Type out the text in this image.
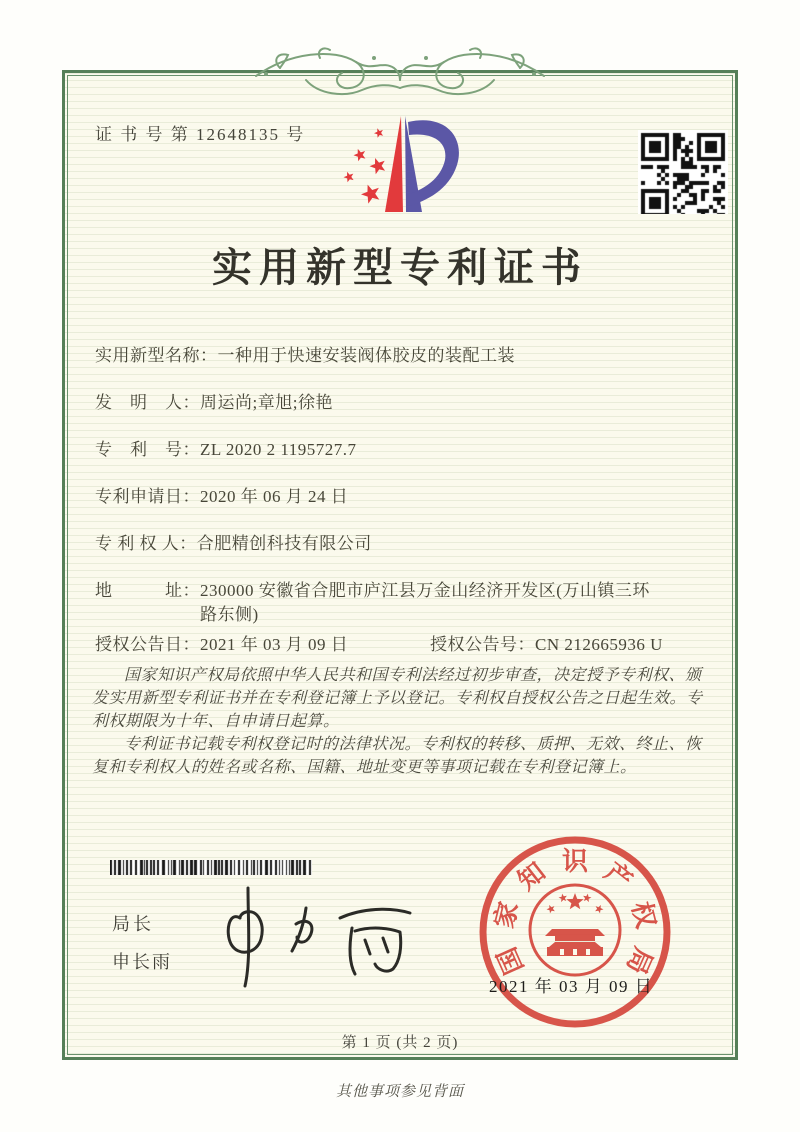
证 书 号 第 12648135 号
实用新型专利证书
实用新型名称： 一种用于快速安装阀体胶皮的装配工装
发　明　人： 周运尚;章旭;徐艳
专　利　号： ZL 2020 2 1195727.7
专利申请日： 2020 年 06 月 24 日
专 利 权 人： 合肥精创科技有限公司
地　　　址： 230000 安徽省合肥市庐江县万金山经济开发区(万山镇三环路东侧)
授权公告日：2021 年 03 月 09 日	授权公告号：CN 212665936 U

国家知识产权局依照中华人民共和国专利法经过初步审查，决定授予专利权、颁发实用新型专利证书并在专利登记簿上予以登记。专利权自授权公告之日起生效。专利权期限为十年、自申请日起算。

专利证书记载专利权登记时的法律状况。专利权的转移、质押、无效、终止、恢复和专利权人的姓名或名称、国籍、地址变更等事项记载在专利登记簿上。

局长
申长雨	国
家
知 识 产
权
局
2021 年 03 月 09 日
第 1 页 (共 2 页)
其他事项参见背面
